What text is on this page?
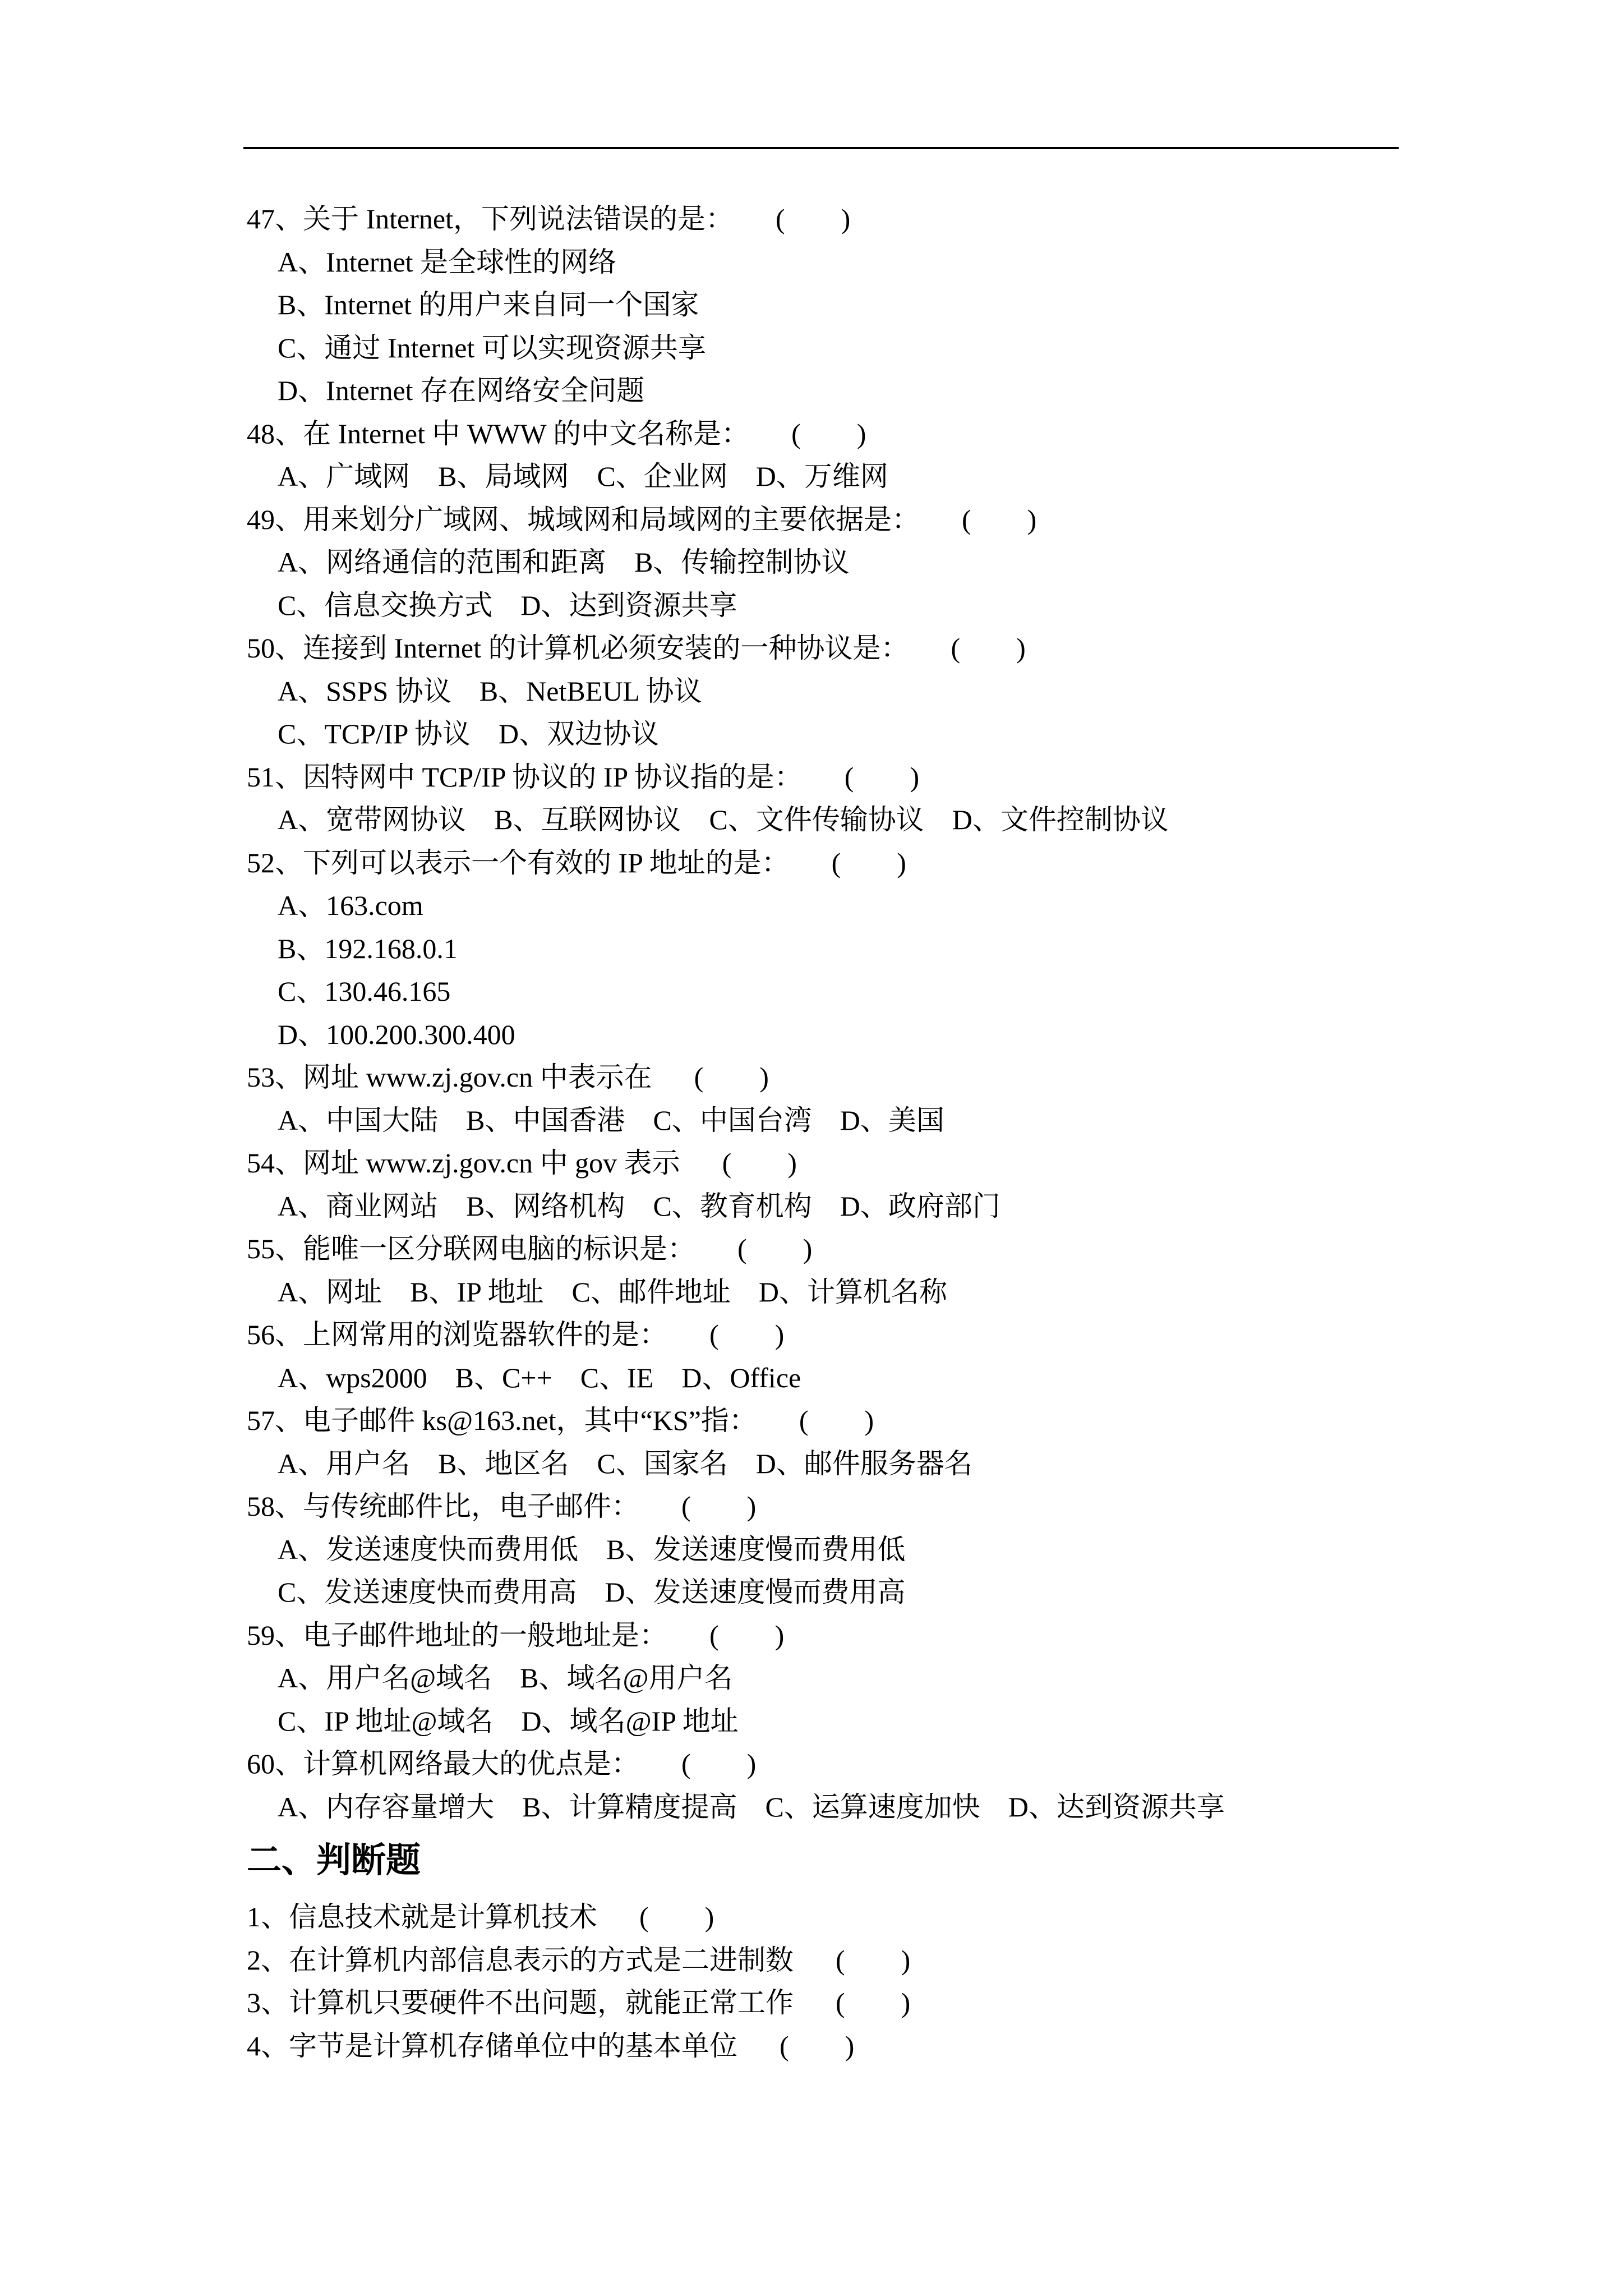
47、关于 Internet，下列说法错误的是：      (        )
A、Internet 是全球性的网络
B、Internet 的用户来自同一个国家
C、通过 Internet 可以实现资源共享
D、Internet 存在网络安全问题
48、在 Internet 中 WWW 的中文名称是：      (        )
A、广域网    B、局域网    C、企业网    D、万维网
49、用来划分广域网、城域网和局域网的主要依据是：      (        )
A、网络通信的范围和距离    B、传输控制协议
C、信息交换方式    D、达到资源共享
50、连接到 Internet 的计算机必须安装的一种协议是：      (        )
A、SSPS 协议    B、NetBEUL 协议
C、TCP/IP 协议    D、双边协议
51、因特网中 TCP/IP 协议的 IP 协议指的是：      (        )
A、宽带网协议    B、互联网协议    C、文件传输协议    D、文件控制协议
52、下列可以表示一个有效的 IP 地址的是：      (        )
A、163.com
B、192.168.0.1
C、130.46.165
D、100.200.300.400
53、网址 www.zj.gov.cn 中表示在      (        )
A、中国大陆    B、中国香港    C、中国台湾    D、美国
54、网址 www.zj.gov.cn 中 gov 表示      (        )
A、商业网站    B、网络机构    C、教育机构    D、政府部门
55、能唯一区分联网电脑的标识是：      (        )
A、网址    B、IP 地址    C、邮件地址    D、计算机名称
56、上网常用的浏览器软件的是：      (        )
A、wps2000    B、C++    C、IE    D、Office
57、电子邮件 ks@163.net，其中“KS”指：      (        )
A、用户名    B、地区名    C、国家名    D、邮件服务器名
58、与传统邮件比，电子邮件：      (        )
A、发送速度快而费用低    B、发送速度慢而费用低
C、发送速度快而费用高    D、发送速度慢而费用高
59、电子邮件地址的一般地址是：      (        )
A、用户名@域名    B、域名@用户名
C、IP 地址@域名    D、域名@IP 地址
60、计算机网络最大的优点是：      (        )
A、内存容量增大    B、计算精度提高    C、运算速度加快    D、达到资源共享
二、判断题
1、信息技术就是计算机技术      (        )
2、在计算机内部信息表示的方式是二进制数      (        )
3、计算机只要硬件不出问题，就能正常工作      (        )
4、字节是计算机存储单位中的基本单位      (        )
